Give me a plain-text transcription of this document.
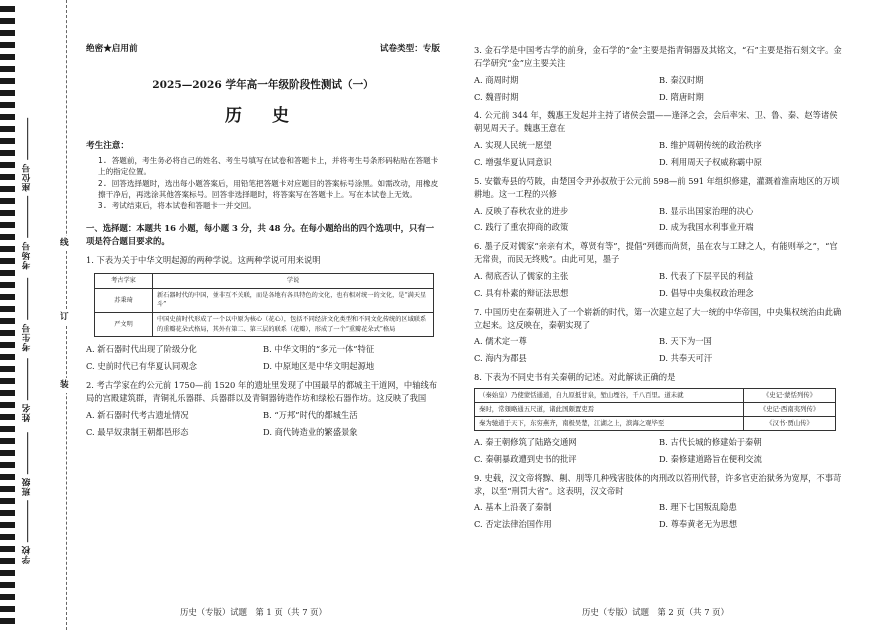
座位号
考场号
考生号
姓名
班级
学校
线
订
装
绝密★启用前	试卷类型：专版
2025—2026 学年高一年级阶段性测试（一）
历 史
考生注意：

1. 答题前，考生务必将自己的姓名、考生号填写在试卷和答题卡上，并将考生号条形码粘贴在答题卡上的指定位置。

2. 回答选择题时，选出每小题答案后，用铅笔把答题卡对应题目的答案标号涂黑。如需改动，用橡皮擦干净后，再选涂其他答案标号。回答非选择题时，将答案写在答题卡上。写在本试卷上无效。

3. 考试结束后，将本试卷和答题卡一并交回。

一、选择题：本题共 16 小题，每小题 3 分，共 48 分。在每小题给出的四个选项中，只有一项是符合题目要求的。
1. 下表为关于中华文明起源的两种学说。这两种学说可用来说明
考古学家	学说
苏秉琦	新石器时代的中国，並非互不关联，而是各地有各具特色的文化，也有相对统一的文化，是“满天星斗”
严文明	中国史前时代形成了一个以中原为核心（花心），包括不同经济文化类型和不同文化传统的区域联系的重瓣花朵式格局，其外有第二、第三层的联系（花瓣），形成了一个“重瓣花朵式”格局
A. 新石器时代出现了阶级分化	B. 中华文明的“多元一体”特征
C. 史前时代已有华夏认同观念	D. 中原地区是中华文明起源地
2. 考古学家在约公元前 1750—前 1520 年的遗址里发现了中国最早的都城主干道网，中轴线布局的宫殿建筑群，青铜礼乐器群、兵器群以及青铜器铸造作坊和绿松石器作坊。这反映了我国
A. 新石器时代考古遗址情况	B. “万邦”时代的都城生活
C. 最早奴隶制王朝都邑形态	D. 商代铸造业的繁盛景象
3. 金石学是中国考古学的前身，金石学的“金”主要是指青铜器及其铭文，“石”主要是指石刻文字。金石学研究“金”应主要关注
A. 商周时期	B. 秦汉时期
C. 魏晋时期	D. 隋唐时期
4. 公元前 344 年，魏惠王发起并主持了诸侯会盟——逢泽之会，会后率宋、卫、鲁、秦、赵等诸侯朝见周天子。魏惠王意在
A. 实现人民统一愿望	B. 维护周朝传统的政治秩序
C. 增强华夏认同意识	D. 利用周天子权威称霸中原
5. 安徽寿县的芍陂，由楚国令尹孙叔敖于公元前 598—前 591 年组织修建，灌溉着淮南地区的万顷耕地。这一工程的兴修
A. 反映了春秋农业的进步	B. 显示出国家治理的决心
C. 践行了重农抑商的政策	D. 成为我国水利事业开端
6. 墨子反对儒家“亲亲有术，尊贤有等”，提倡“列德而尚贤，虽在农与工肆之人，有能则举之”，“官无常贵，而民无终贱”。由此可见，墨子
A. 彻底否认了儒家的主张	B. 代表了下层平民的利益
C. 具有朴素的辩证法思想	D. 倡导中央集权政治理念
7. 中国历史在秦朝进入了一个崭新的时代，第一次建立起了大一统的中华帝国，中央集权统治由此确立起来。这反映在，秦朝实现了
A. 儒术定一尊	B. 天下为一国
C. 海内为郡县	D. 共奉天可汗
8. 下表为不同史书有关秦朝的记述。对此解读正确的是
（秦始皇）乃使蒙恬通道，自九原抵甘泉，堑山堙谷，千八百里。道未就	《史记·蒙恬列传》
秦时，常頞略通五尺道，诸此国颇置吏焉	《史记·西南夷列传》
秦为驰道于天下，东穷燕齐，南极吴楚，江湖之上，滨海之观毕至	《汉书·贾山传》
A. 秦王朝修筑了陆路交通网	B. 古代长城的修建始于秦朝
C. 秦朝暴政遭到史书的批评	D. 秦修建道路旨在便利交流
9. 史载，汉文帝将黥、劓、刖等几种残害肢体的肉刑改以笞刑代替，许多官吏治狱务为宽厚，不事苛求，以至“刑罚大省”。这表明，汉文帝时
A. 基本上沿袭了秦制	B. 理下七国叛乱隐患
C. 否定法律治国作用	D. 尊奉黄老无为思想
历史（专版）试题　第 1 页（共 7 页）	历史（专版）试题　第 2 页（共 7 页）
